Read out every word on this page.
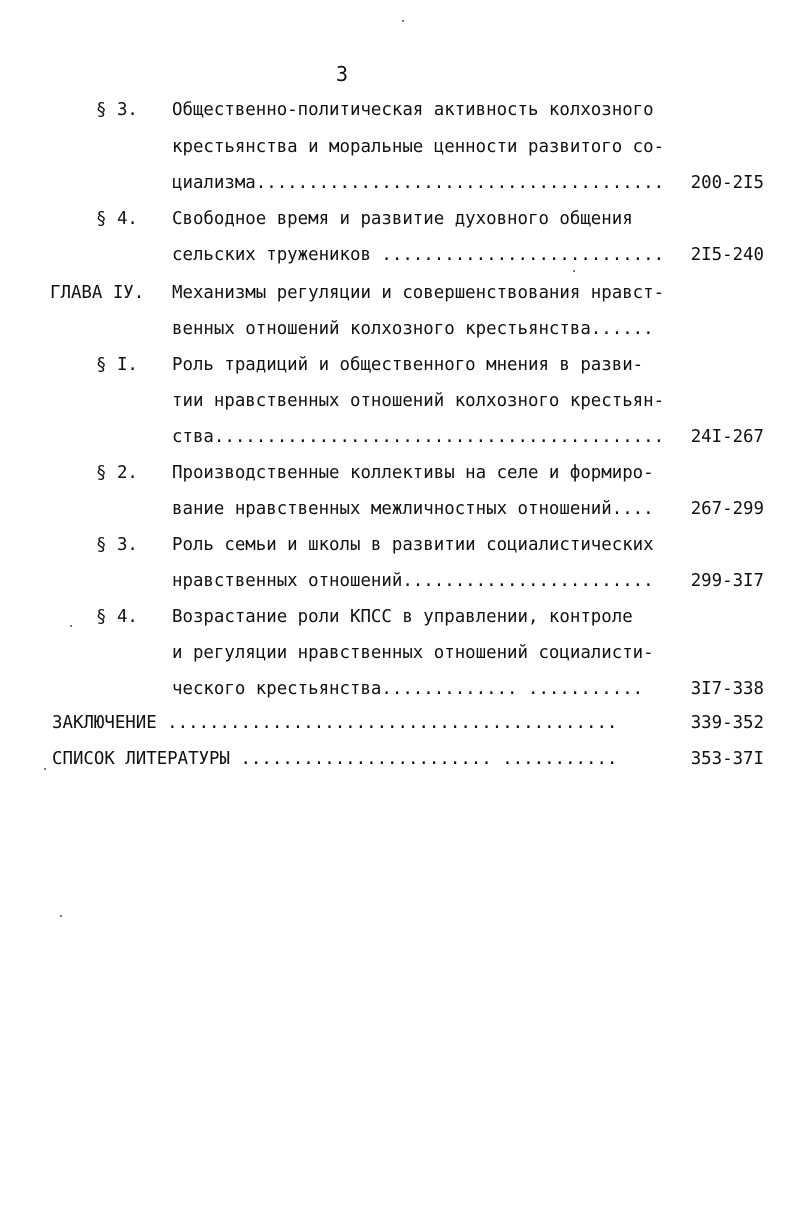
3
§ 3. Общественно-политическая активность колхозного
крестьянства и моральные ценности развитого со-
циализма....................................... 200-2I5
§ 4. Свободное время и развитие духовного общения
сельских тружеников ........................... 2I5-240
ГЛАВА IУ. Механизмы регуляции и совершенствования нравст-
венных отношений колхозного крестьянства......
§ I. Роль традиций и общественного мнения в разви-
тии нравственных отношений колхозного крестьян-
ства........................................... 24I-267
§ 2. Производственные коллективы на селе и формиро-
вание нравственных межличностных отношений.... 267-299
§ 3. Роль семьи и школы в развитии социалистических
нравственных отношений........................ 299-3I7
§ 4. Возрастание роли КПСС в управлении, контроле
и регуляции нравственных отношений социалисти-
ческого крестьянства............. ...........	3I7-338
ЗАКЛЮЧЕНИЕ ...........................................	339-352
СПИСОК ЛИТЕРАТУРЫ ........................ ...........	353-37I
